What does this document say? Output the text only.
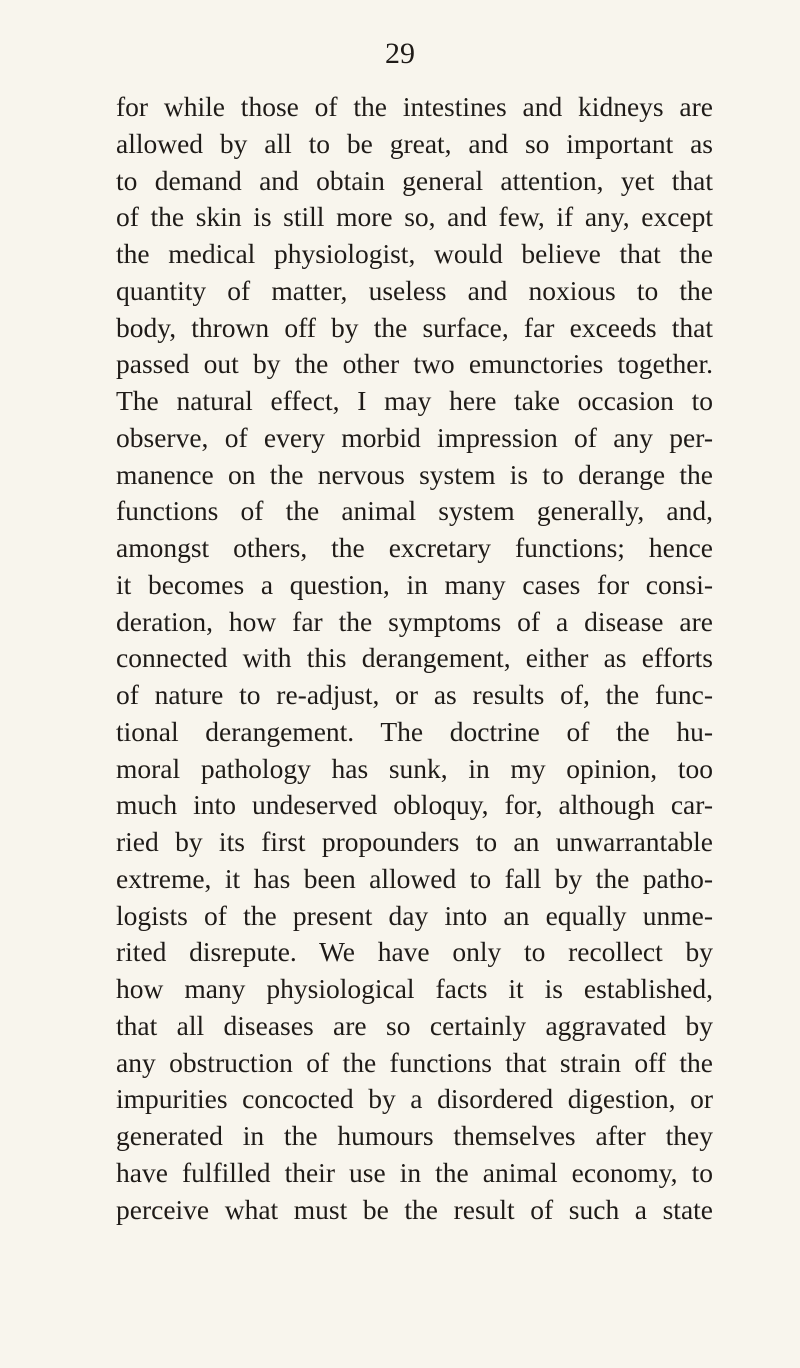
29
for while those of the intestines and kidneys are
allowed by all to be great, and so important as
to demand and obtain general attention, yet that
of the skin is still more so, and few, if any, except
the medical physiologist, would believe that the
quantity of matter, useless and noxious to the
body, thrown off by the surface, far exceeds that
passed out by the other two emunctories together.
The natural effect, I may here take occasion to
observe, of every morbid impression of any per-
manence on the nervous system is to derange the
functions of the animal system generally, and,
amongst others, the excretary functions; hence
it becomes a question, in many cases for consi-
deration, how far the symptoms of a disease are
connected with this derangement, either as efforts
of nature to re-adjust, or as results of, the func-
tional derangement. The doctrine of the hu-
moral pathology has sunk, in my opinion, too
much into undeserved obloquy, for, although car-
ried by its first propounders to an unwarrantable
extreme, it has been allowed to fall by the patho-
logists of the present day into an equally unme-
rited disrepute. We have only to recollect by
how many physiological facts it is established,
that all diseases are so certainly aggravated by
any obstruction of the functions that strain off the
impurities concocted by a disordered digestion, or
generated in the humours themselves after they
have fulfilled their use in the animal economy, to
perceive what must be the result of such a state
